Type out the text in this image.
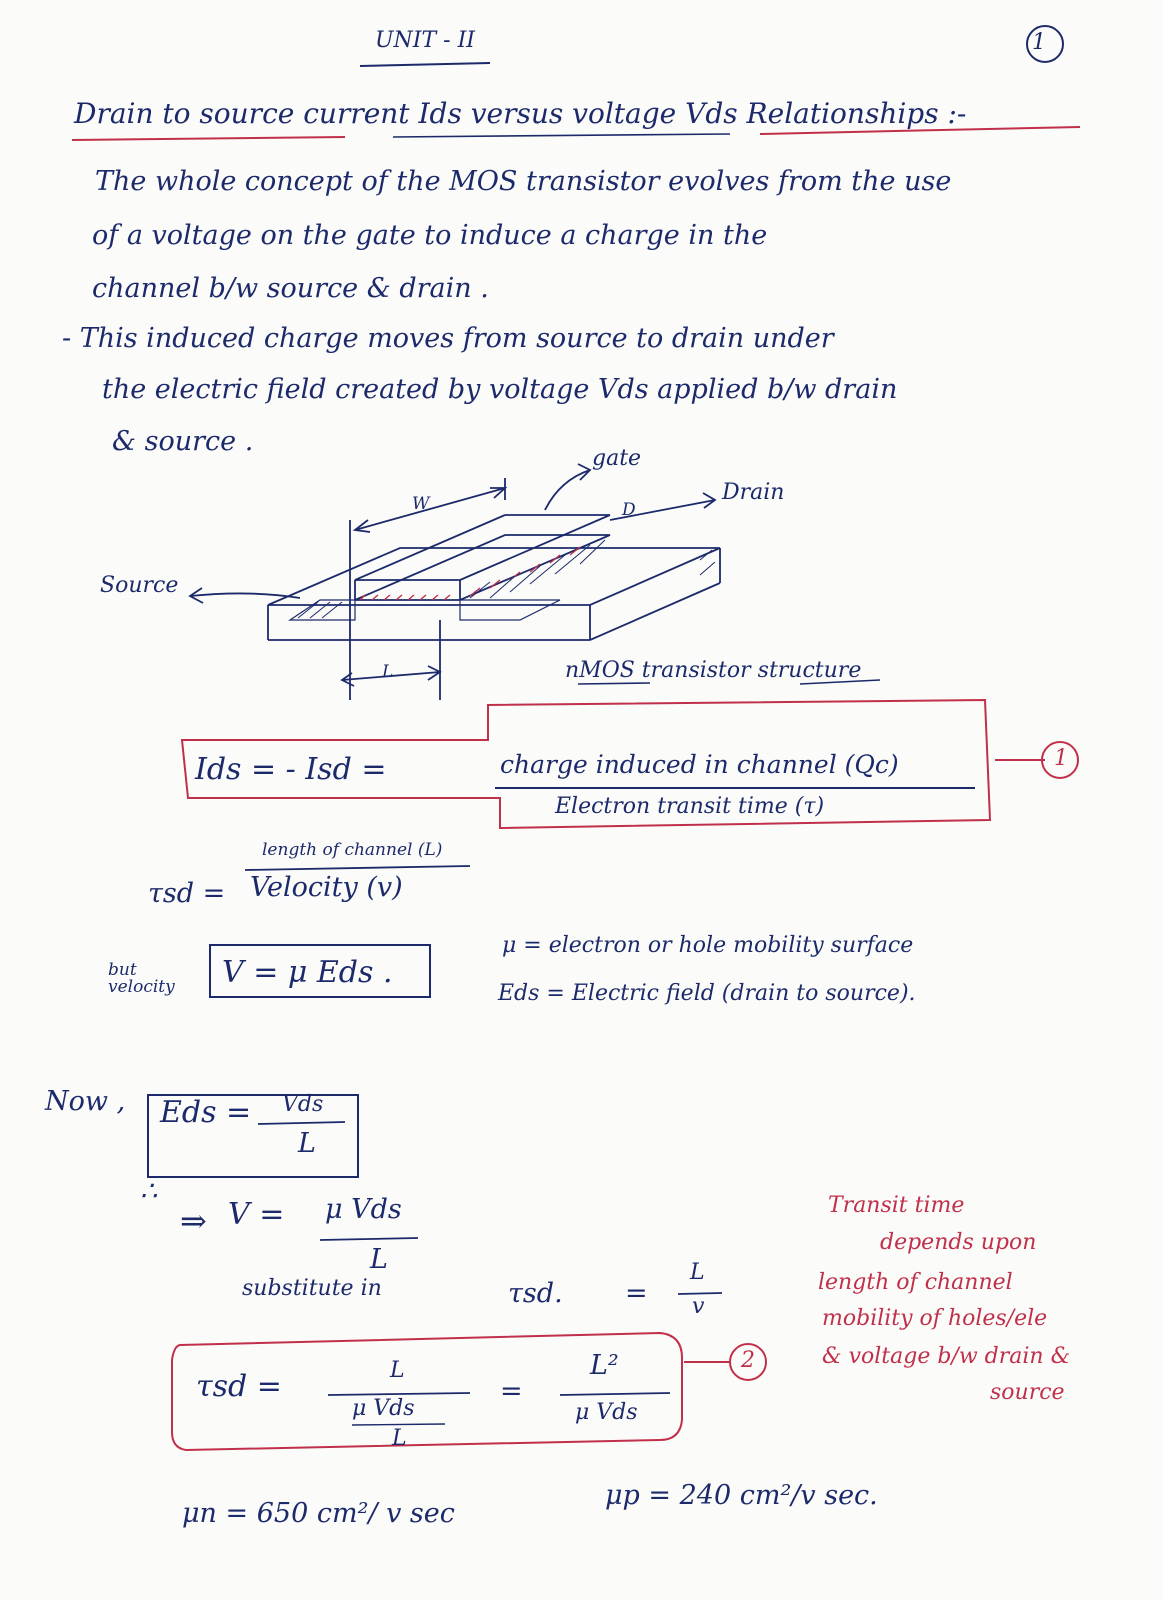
UNIT - II	1
Drain to source current Ids versus voltage Vds Relationships :-
The whole concept of the MOS transistor evolves from the use
of a voltage on the gate to induce a charge in the
channel b/w source & drain .
- This induced charge moves from source to drain under
the electric field created by voltage Vds applied b/w drain
& source .
gate
Drain
Source
W
L
D
nMOS transistor structure
Ids = - Isd =	charge induced in channel (Qc)
Electron transit time (τ)
1
τsd =
length of channel (L)
Velocity (v)
but velocity	V = μ Eds .
μ = electron or hole mobility surface
Eds = Electric field (drain to source).
Now , Eds = Vds
L
∴
⇒ V = μ Vds
L
substitute in	τsd. =
L
v
τsd =	L
μ Vds
L
=
L²
μ Vds
2
Transit time
depends upon
length of channel
mobility of holes/ele
& voltage b/w drain &
source
μn = 650 cm²/ v sec
μp = 240 cm²/v sec.
